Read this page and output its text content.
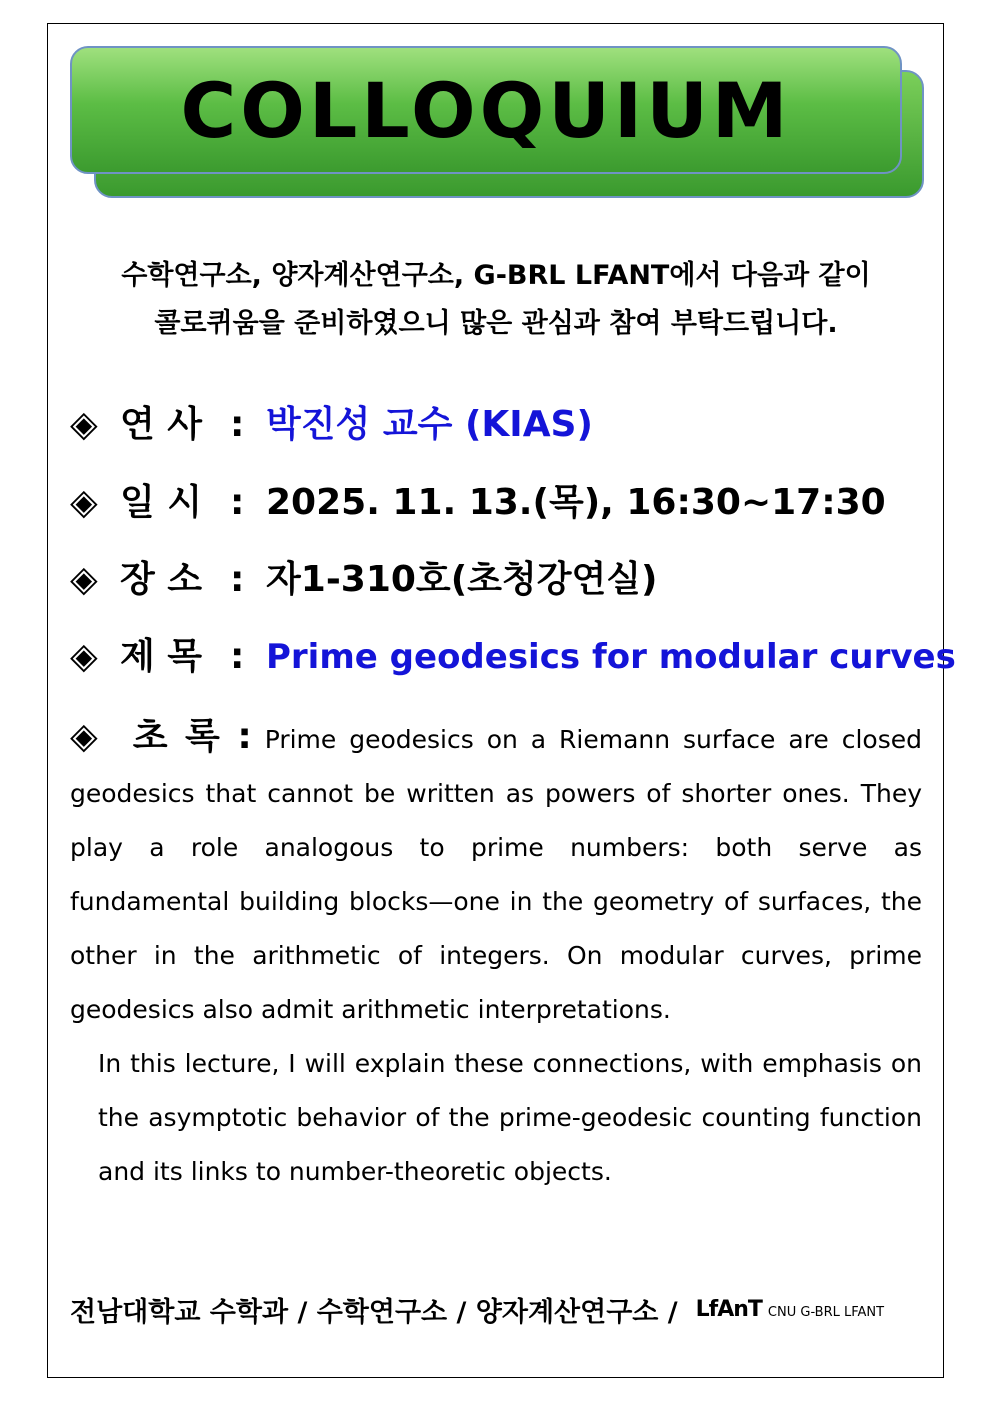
COLLOQUIUM
수학연구소, 양자계산연구소, G-BRL LFANT에서 다음과 같이
콜로퀴움을 준비하였으니 많은 관심과 참여 부탁드립니다.
◈ 연 사 : 박진성 교수 (KIAS)
◈ 일 시 : 2025. 11. 13.(목), 16:30~17:30
◈ 장 소 : 자1-310호(초청강연실)
◈ 제 목 : Prime geodesics for modular curves
◈ 초 록 : Prime geodesics on a Riemann surface are closed geodesics that cannot be written as powers of shorter ones. They play a role analogous to prime numbers: both serve as fundamental building blocks—one in the geometry of surfaces, the other in the arithmetic of integers. On modular curves, prime geodesics also admit arithmetic interpretations.
In this lecture, I will explain these connections, with emphasis on the asymptotic behavior of the prime-geodesic counting function and its links to number-theoretic objects.
전남대학교 수학과 / 수학연구소 / 양자계산연구소 / LfAnT CNU G-BRL LFANT
